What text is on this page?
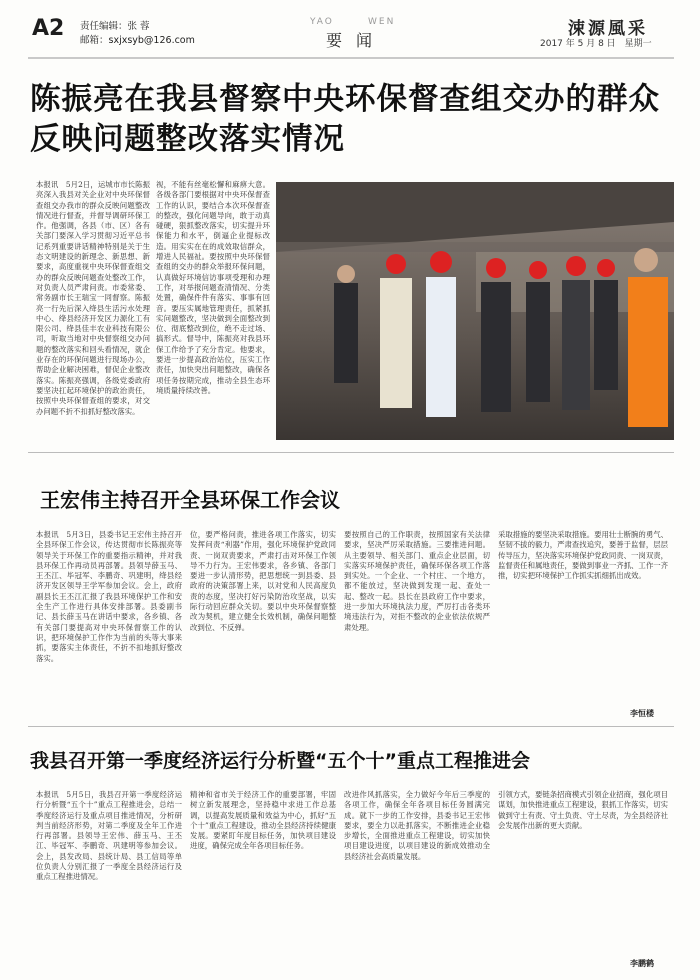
A2 责任编辑：张 蓉
邮箱：sxjxsyb@126.com
YAO	WEN
要闻
涑源風采
2017 年 5 月 8 日　星期一
陈振亮在我县督察中央环保督查组交办的群众反映问题整改落实情况
本报讯　5月2日，运城市市长陈振亮深入我县对关企业对中央环保督查组交办我市的群众反映问题整改情况进行督查，并督导调研环保工作。他强调，各县（市、区）各有关部门要深入学习贯彻习近平总书记系列重要讲话精神特别是关于生态文明建设的新理念、新思想、新要求，高度重视中央环保督查组交办的群众反映问题查处整改工作，对负责人员严肃问责。市委常委、常务副市长王瑞宝一同督察。陈振亮一行先后深入绛县生活污水处理中心、绛县经济开发区力源化工有限公司、绛县佳丰农业科技有限公司，听取当地对中央督察组交办问题的整改落实和回头看情况，就企业存在的环保问题进行现场办公，帮助企业解决困难，督促企业整改落实。陈振亮强调，各级党委政府要坚决扛起环境保护的政治责任，按照中央环保督查组的要求，对交办问题不折不扣抓好整改落实。
视，不能有丝毫松懈和麻痹大意。各级各部门要根据对中央环保督查工作的认识，要结合本次环保督查的整改，强化问题导向，敢于动真碰硬，狠抓整改落实，切实提升环保能力和水平，倒逼企业提标改造。用实实在在的成效取信群众，增进人民福祉。要按照中央环保督查组的交办的群众举报环保问题，认真做好环境信访事项受理和办理工作，对举报问题查清情况、分类处置，确保件件有落实、事事有回音。要压实属地管理责任，抓紧抓实问题整改，坚决做到全面整改到位、彻底整改到位，绝不走过场、搞形式。督导中，陈振亮对我县环保工作给予了充分肯定。他要求，要进一步提高政治站位，压实工作责任，加快突出问题整改，确保各项任务按期完成，推动全县生态环境质量持续改善。
王宏伟主持召开全县环保工作会议
本报讯　5月3日，县委书记王宏伟主持召开全县环保工作会议，传达贯彻市长陈振亮等领导关于环保工作的重要指示精神，并对我县环保工作再动员再部署。县领导薛玉马、王丕江、毕冠军、李鹏奇、巩建明，绛县经济开发区领导王学军参加会议。会上，政府副县长王丕江汇报了我县环境保护工作和安全生产工作进行具体安排部署。县委副书记、县长薛玉马在讲话中要求，各乡镇、各有关部门要提高对中央环保督察工作的认识，把环境保护工作作为当前的头等大事来抓，要落实主体责任，不折不扣地抓好整改落实。
位，要严格问责，推进各项工作落实，切实发挥问责“利器”作用，强化环境保护党政同责、一岗双责要求，严肃打击对环保工作领导不力行为。王宏伟要求，各乡镇、各部门要进一步认清形势，把思想统一到县委、县政府的决策部署上来，以对党和人民高度负责的态度，坚决打好污染防治攻坚战，以实际行动回应群众关切。要以中央环保督察整改为契机，建立健全长效机制，确保问题整改到位、不反弹。
要按照自己的工作职责，按照国家有关法律要求，坚决严厉采取措施。三要推进问题。从主要领导、相关部门、重点企业层面，切实落实环境保护责任，确保环保各项工作落到实处。一个企业、一个村庄、一个地方，都不能放过，坚决做到发现一起、查处一起、整改一起。县长在县政府工作中要求，进一步加大环境执法力度，严厉打击各类环境违法行为，对拒不整改的企业依法依规严肃处理。
采取措施的要坚决采取措施。要用壮士断腕的勇气、坚韧不拔的毅力，严肃查找追究，要善于监督，层层传导压力，坚决落实环境保护党政同责、一岗双责，监督责任和属地责任，要做到事业一齐抓、工作一齐推，切实把环境保护工作抓实抓细抓出成效。
李恒楼
我县召开第一季度经济运行分析暨“五个十”重点工程推进会
本报讯　5月5日，我县召开第一季度经济运行分析暨“五个十”重点工程推进会，总结一季度经济运行及重点项目推进情况，分析研判当前经济形势，对第二季度及全年工作进行再部署。县领导王宏伟、薛玉马、王丕江、毕冠军、李鹏奇、巩建明等参加会议。会上，县发改局、县统计局、县工信局等单位负责人分别汇报了一季度全县经济运行及重点工程推进情况。
精神和省市关于经济工作的重要部署，牢固树立新发展理念，坚持稳中求进工作总基调，以提高发展质量和效益为中心，抓好“五个十”重点工程建设，推动全县经济持续健康发展。要紧盯年度目标任务，加快项目建设进度，确保完成全年各项目标任务。
改进作风抓落实，全力做好今年后三季度的各项工作，确保全年各项目标任务圆满完成。就下一步的工作安排，县委书记王宏伟要求，要全力以赴抓落实，不断推进企业稳步增长，全面推进重点工程建设，切实加快项目建设进度，以项目建设的新成效推动全县经济社会高质量发展。
引领方式，要链条招商模式引领企业招商，强化项目谋划，加快推进重点工程建设，狠抓工作落实，切实做到守土有责、守土负责、守土尽责，为全县经济社会发展作出新的更大贡献。
李鹏鹤
